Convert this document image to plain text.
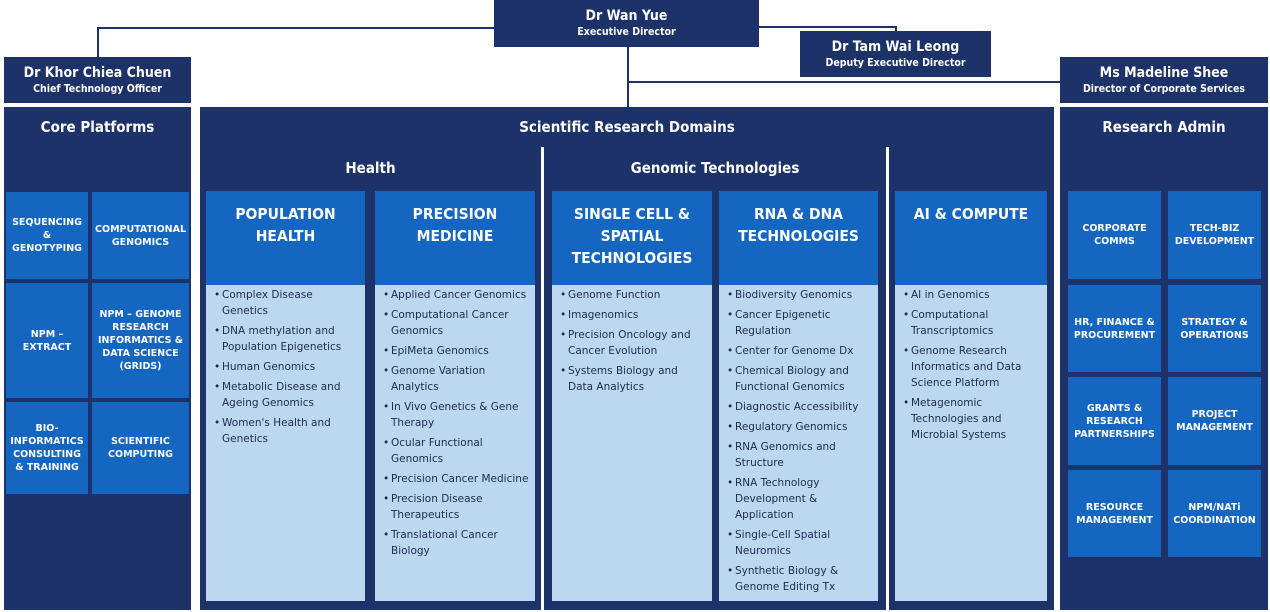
Dr Wan Yue
Executive Director
Dr Tam Wai Leong
Deputy Executive Director
Dr Khor Chiea Chuen
Chief Technology Officer
Ms Madeline Shee
Director of Corporate Services
Core Platforms
SEQUENCING & GENOTYPING
COMPUTATIONAL GENOMICS
NPM – EXTRACT
NPM – GENOME RESEARCH INFORMATICS & DATA SCIENCE (GRIDS)
BIO-INFORMATICS CONSULTING & TRAINING
SCIENTIFIC COMPUTING
Scientific Research Domains
Health	Genomic Technologies
POPULATION HEALTH
• Complex Disease Genetics
• DNA methylation and Population Epigenetics
• Human Genomics
• Metabolic Disease and Ageing Genomics
• Women's Health and Genetics
PRECISION MEDICINE
• Applied Cancer Genomics
• Computational Cancer Genomics
• EpiMeta Genomics
• Genome Variation Analytics
• In Vivo Genetics & Gene Therapy
• Ocular Functional Genomics
• Precision Cancer Medicine
• Precision Disease Therapeutics
• Translational Cancer Biology
SINGLE CELL & SPATIAL TECHNOLOGIES
• Genome Function
• Imagenomics
• Precision Oncology and Cancer Evolution
• Systems Biology and Data Analytics
RNA & DNA TECHNOLOGIES
• Biodiversity Genomics
• Cancer Epigenetic Regulation
• Center for Genome Dx
• Chemical Biology and Functional Genomics
• Diagnostic Accessibility
• Regulatory Genomics
• RNA Genomics and Structure
• RNA Technology Development & Application
• Single-Cell Spatial Neuromics
• Synthetic Biology & Genome Editing Tx
AI & COMPUTE
• AI in Genomics
• Computational Transcriptomics
• Genome Research Informatics and Data Science Platform
• Metagenomic Technologies and Microbial Systems
Research Admin
CORPORATE COMMS
TECH-BIZ DEVELOPMENT
HR, FINANCE & PROCUREMENT
STRATEGY & OPERATIONS
GRANTS & RESEARCH PARTNERSHIPS
PROJECT MANAGEMENT
RESOURCE MANAGEMENT
NPM/NATi COORDINATION
